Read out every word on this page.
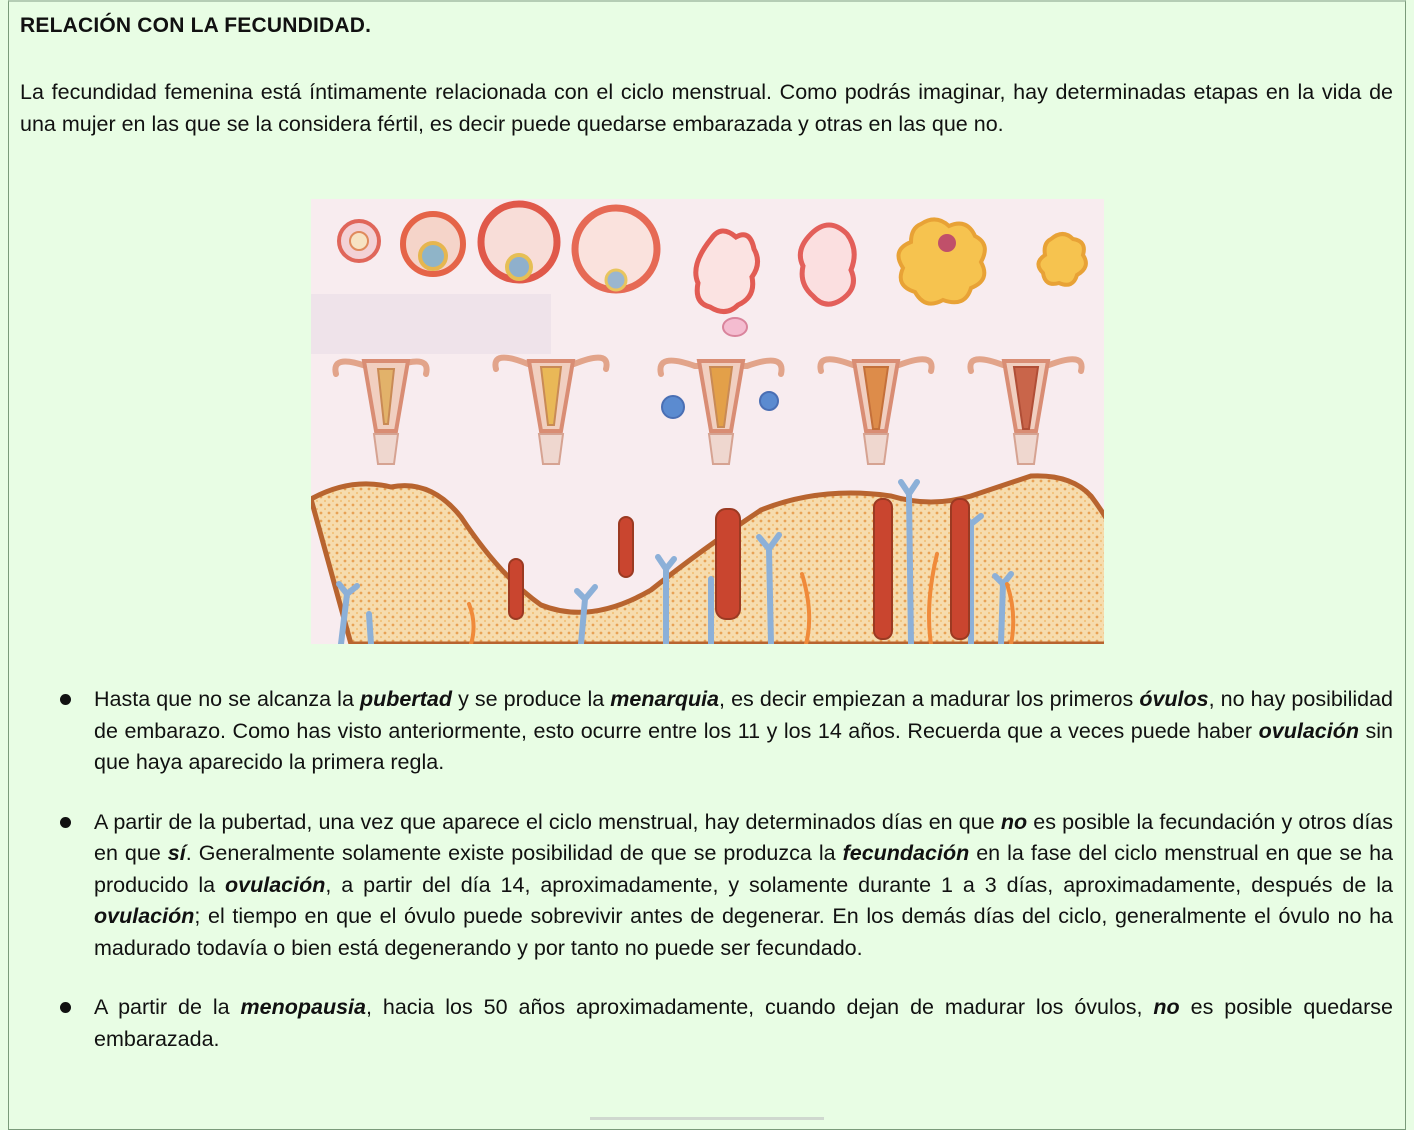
RELACIÓN CON LA FECUNDIDAD.

La fecundidad femenina está íntimamente relacionada con el ciclo menstrual. Como podrás imaginar, hay determinadas etapas en la vida de una mujer en las que se la considera fértil, es decir puede quedarse embarazada y otras en las que no.

Hasta que no se alcanza la pubertad y se produce la menarquia, es decir empiezan a madurar los primeros óvulos, no hay posibilidad de embarazo. Como has visto anteriormente, esto ocurre entre los 11 y los 14 años. Recuerda que a veces puede haber ovulación sin que haya aparecido la primera regla.
A partir de la pubertad, una vez que aparece el ciclo menstrual, hay determinados días en que no es posible la fecundación y otros días en que sí. Generalmente solamente existe posibilidad de que se produzca la fecundación en la fase del ciclo menstrual en que se ha producido la ovulación, a partir del día 14, aproximadamente, y solamente durante 1 a 3 días, aproximadamente, después de la ovulación; el tiempo en que el óvulo puede sobrevivir antes de degenerar. En los demás días del ciclo, generalmente el óvulo no ha madurado todavía o bien está degenerando y por tanto no puede ser fecundado.
A partir de la menopausia, hacia los 50 años aproximadamente, cuando dejan de madurar los óvulos, no es posible quedarse embarazada.
